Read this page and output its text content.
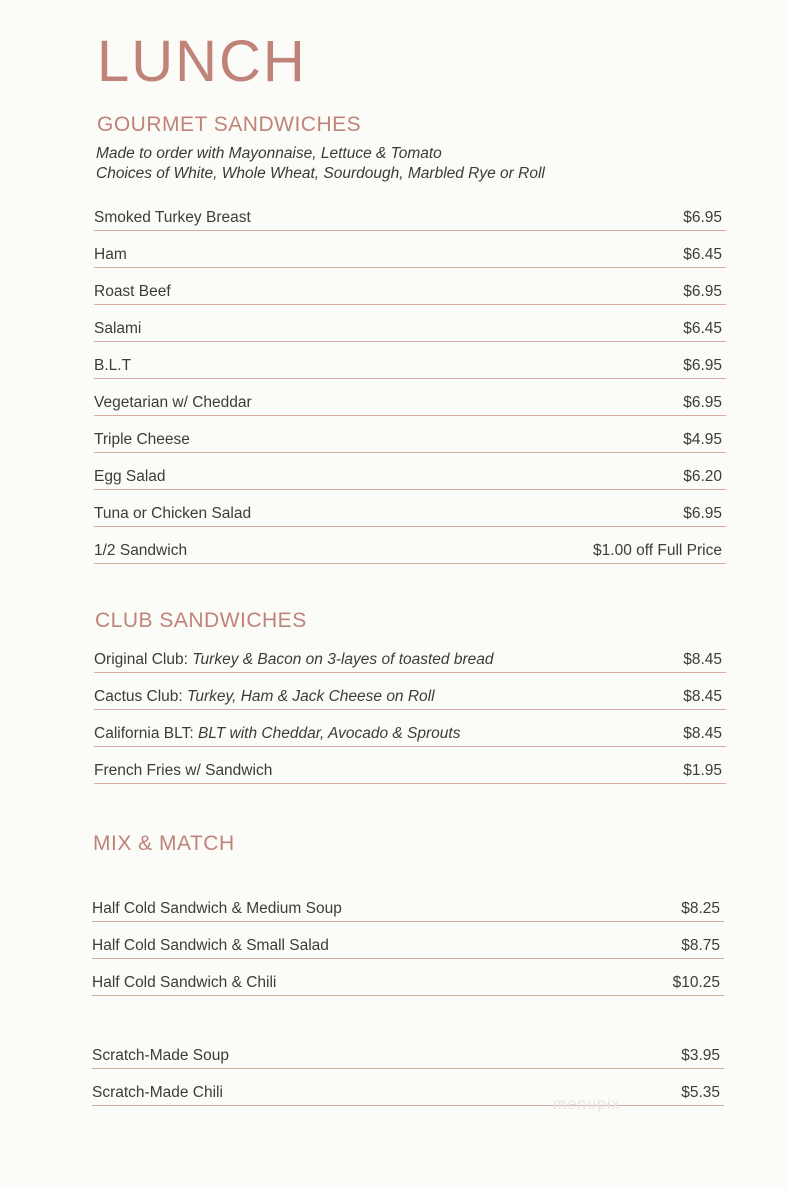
LUNCH
GOURMET SANDWICHES
Made to order with Mayonnaise, Lettuce & Tomato
Choices of White, Whole Wheat, Sourdough, Marbled Rye or Roll
Smoked Turkey Breast	$6.95
Ham	$6.45
Roast Beef	$6.95
Salami	$6.45
B.L.T	$6.95
Vegetarian w/ Cheddar	$6.95
Triple Cheese	$4.95
Egg Salad	$6.20
Tuna or Chicken Salad	$6.95
1/2 Sandwich	$1.00 off Full Price
CLUB SANDWICHES
Original Club: Turkey & Bacon on 3-layes of toasted bread	$8.45
Cactus Club: Turkey, Ham & Jack Cheese on Roll	$8.45
California BLT: BLT with Cheddar, Avocado & Sprouts	$8.45
French Fries w/ Sandwich	$1.95
MIX & MATCH
Half Cold Sandwich & Medium Soup	$8.25
Half Cold Sandwich & Small Salad	$8.75
Half Cold Sandwich & Chili	$10.25
Scratch-Made Soup	$3.95
Scratch-Made Chili	$5.35
menupix
